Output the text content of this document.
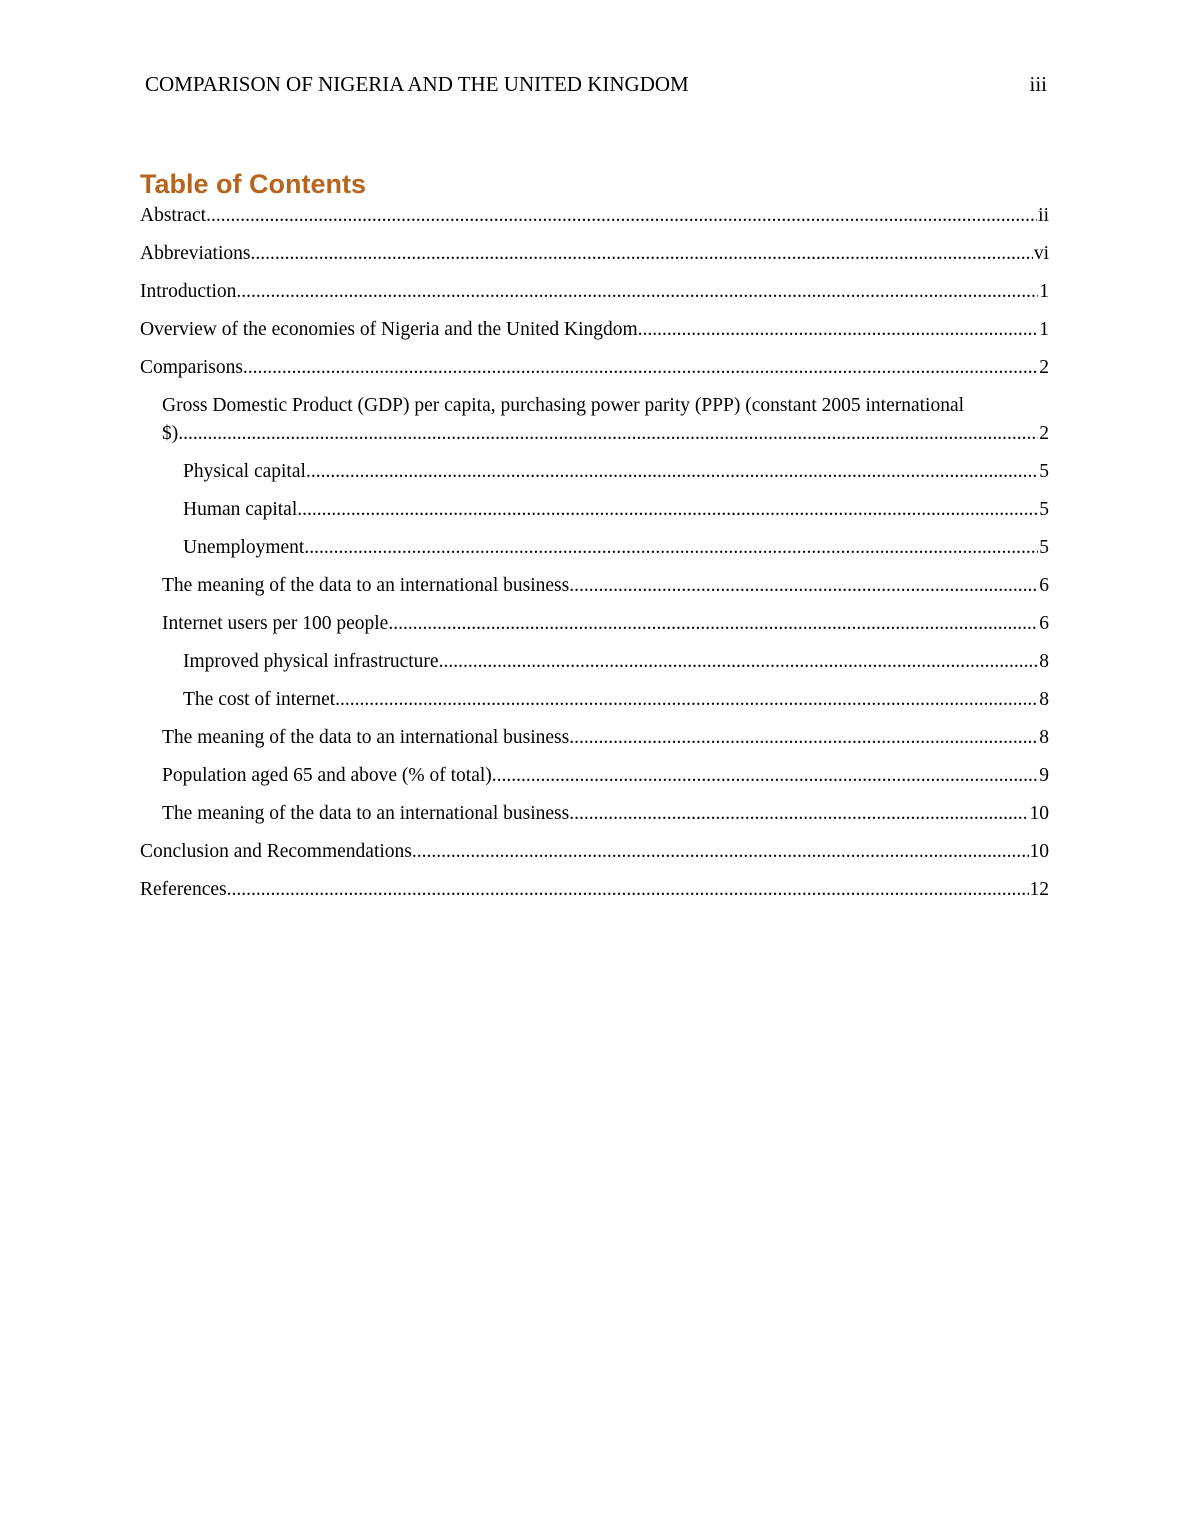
COMPARISON OF NIGERIA AND THE UNITED KINGDOM	iii
Table of Contents
Abstract .....	ii
Abbreviations .....	vi
Introduction .....	1
Overview of the economies of Nigeria and the United Kingdom .....	1
Comparisons .....	2
Gross Domestic Product (GDP) per capita, purchasing power parity (PPP) (constant 2005 international
$) .....	2
Physical capital .....	5
Human capital .....	5
Unemployment .....	5
The meaning of the data to an international business .....	6
Internet users per 100 people .....	6
Improved physical infrastructure .....	8
The cost of internet .....	8
The meaning of the data to an international business .....	8
Population aged 65 and above (% of total) .....	9
The meaning of the data to an international business .....	10
Conclusion and Recommendations .....	10
References .....	12
